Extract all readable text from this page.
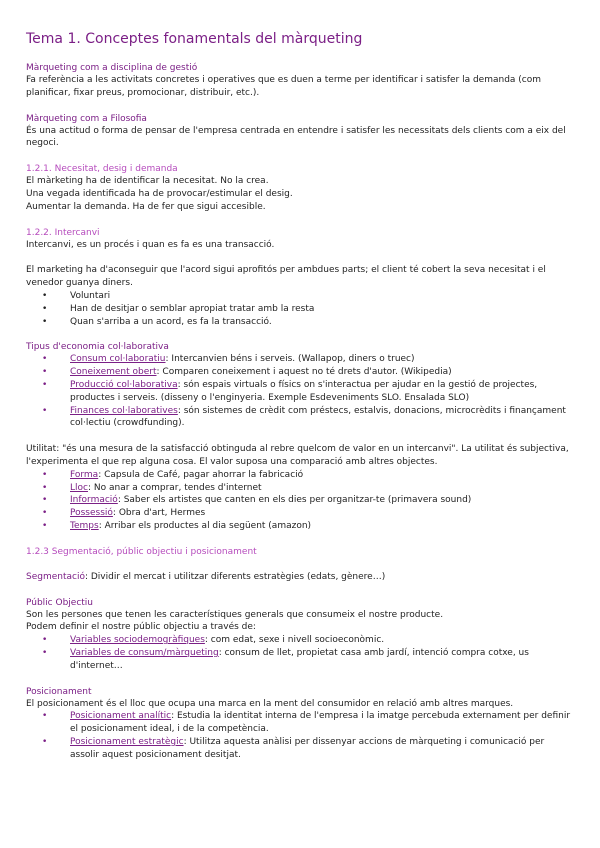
Tema 1. Conceptes fonamentals del màrqueting

Màrqueting com a disciplina de gestió

Fa referència a les activitats concretes i operatives que es duen a terme per identificar i satisfer la demanda (com planificar, fixar preus, promocionar, distribuir, etc.).

Màrqueting com a Filosofia

És una actitud o forma de pensar de l'empresa centrada en entendre i satisfer les necessitats dels clients com a eix del negoci.

1.2.1. Necesitat, desig i demanda

El màrketing ha de identificar la necesitat. No la crea.

Una vegada identificada ha de provocar/estimular el desig.

Aumentar la demanda. Ha de fer que sigui accesible.

1.2.2. Intercanvi

Intercanvi, es un procés i quan es fa es una transacció.

El marketing ha d'aconseguir que l'acord sigui aprofitós per ambdues parts; el client té cobert la seva necesitat i el venedor guanya diners.

•	Voluntari
•	Han de desitjar o semblar apropiat tratar amb la resta
•	Quan s'arriba a un acord, es fa la transacció.

Tipus d'economia col·laborativa

•	Consum col·laboratiu: Intercanvien béns i serveis. (Wallapop, diners o truec)
•	Coneixement obert: Comparen coneixement i aquest no té drets d'autor. (Wikipedia)
•	Producció col·laborativa: són espais virtuals o físics on s'interactua per ajudar en la gestió de projectes, productes i serveis. (disseny o l'enginyeria. Exemple Esdeveniments SLO. Ensalada SLO)
•	Finances col·laboratives: són sistemes de crèdit com préstecs, estalvis, donacions, microcrèdits i finançament col·lectiu (crowdfunding).

Utilitat: "és una mesura de la satisfacció obtinguda al rebre quelcom de valor en un intercanvi". La utilitat és subjectiva, l'experimenta el que rep alguna cosa. El valor suposa una comparació amb altres objectes.

•	Forma: Capsula de Café, pagar ahorrar la fabricació
•	Lloc: No anar a comprar, tendes d'internet
•	Informació: Saber els artistes que canten en els dies per organitzar-te (primavera sound)
•	Possessió: Obra d'art, Hermes
•	Temps: Arribar els productes al dia següent (amazon)

1.2.3 Segmentació, públic objectiu i posicionament

Segmentació: Dividir el mercat i utilitzar diferents estratègies (edats, gènere…)

Públic Objectiu

Son les persones que tenen les característiques generals que consumeix el nostre producte.

Podem definir el nostre públic objectiu a través de:

•	Variables sociodemogràfiques: com edat, sexe i nivell socioeconòmic.
•	Variables de consum/màrqueting: consum de llet, propietat casa amb jardí, intenció compra cotxe, us d'internet…

Posicionament

El posicionament és el lloc que ocupa una marca en la ment del consumidor en relació amb altres marques.

•	Posicionament analític: Estudia la identitat interna de l'empresa i la imatge percebuda externament per definir el posicionament ideal, i de la competència.
•	Posicionament estratègic: Utilitza aquesta anàlisi per dissenyar accions de màrqueting i comunicació per assolir aquest posicionament desitjat.
